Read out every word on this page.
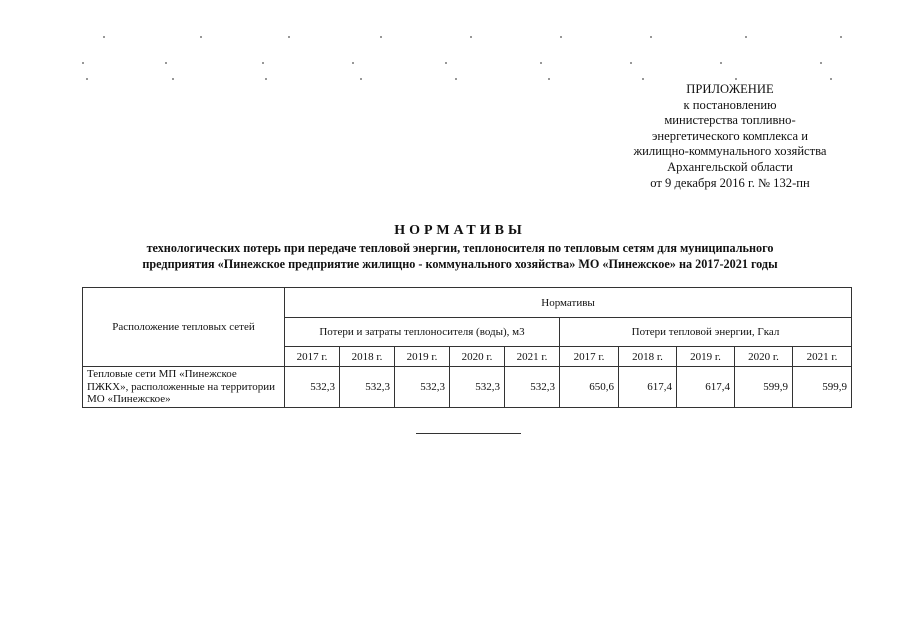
ПРИЛОЖЕНИЕ
к постановлению
министерства топливно-
энергетического комплекса и
жилищно-коммунального хозяйства
Архангельской области
от 9 декабря 2016 г. № 132-пн
НОРМАТИВЫ
технологических потерь при передаче тепловой энергии, теплоносителя по тепловым сетям для муниципального
предприятия «Пинежское предприятие жилищно - коммунального хозяйства» МО «Пинежское» на 2017-2021 годы
Расположение тепловых сетей	Нормативы									
	Потери и затраты теплоносителя (воды), м3					Потери тепловой энергии, Гкал				
	2017 г.	2018 г.	2019 г.	2020 г.	2021 г.	2017 г.	2018 г.	2019 г.	2020 г.	2021 г.
Тепловые сети МП «Пинежское ПЖКХ», расположенные на территории МО «Пинежское»	532,3	532,3	532,3	532,3	532,3	650,6	617,4	617,4	599,9	599,9
